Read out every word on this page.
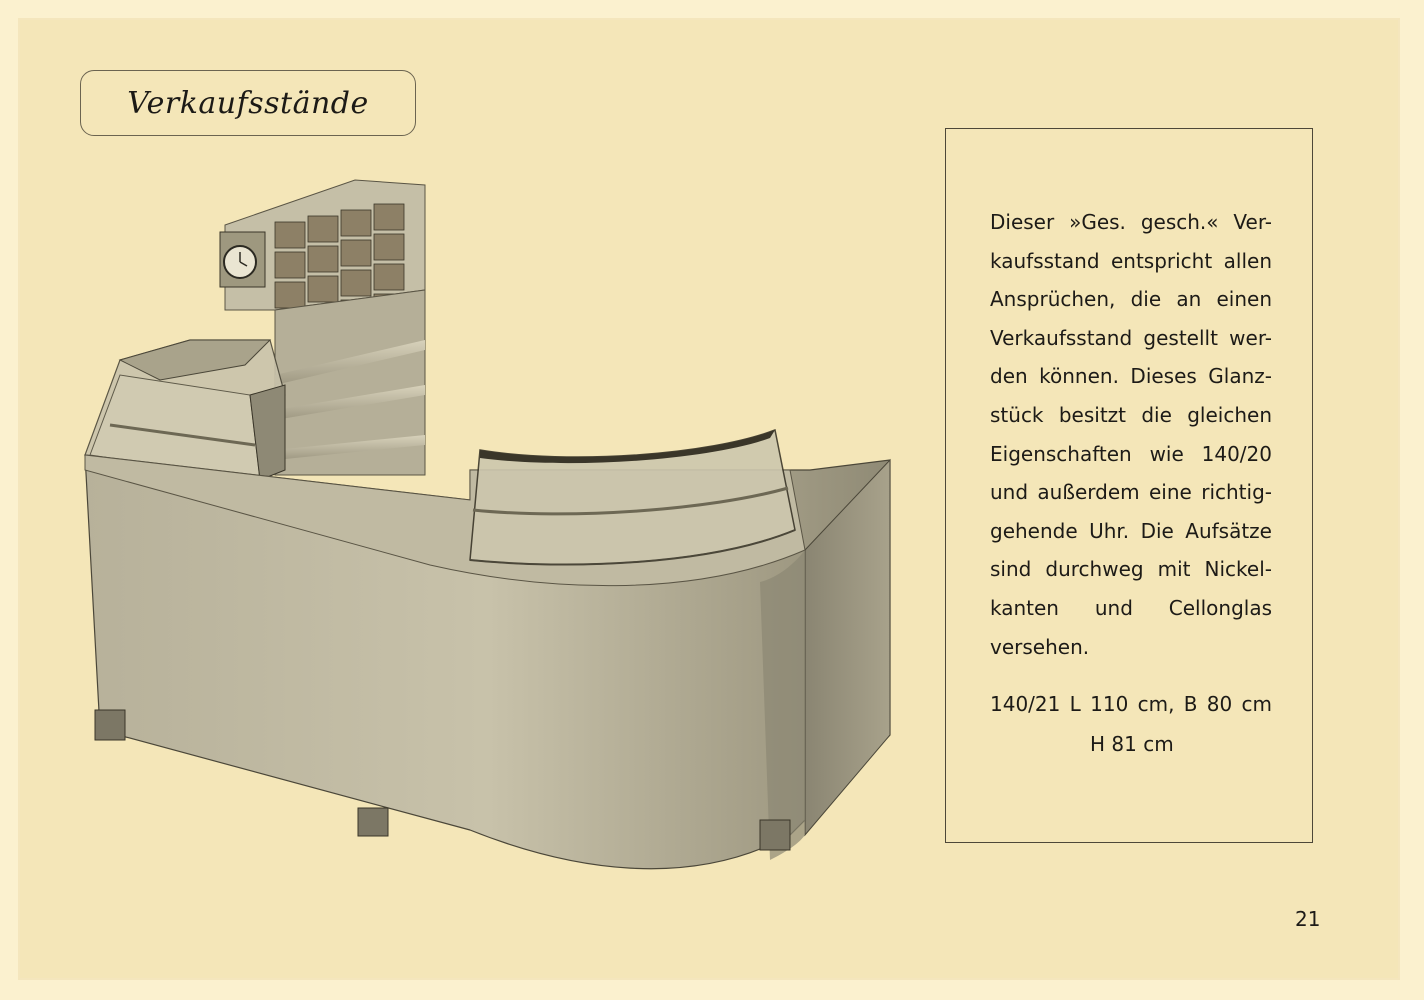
Verkaufsstände
Dieser »Ges. gesch.« Ver-
kaufsstand entspricht allen
Ansprüchen, die an einen
Verkaufsstand gestellt wer-
den können. Dieses Glanz-
stück besitzt die gleichen
Eigenschaften wie 140/20
und außerdem eine richtig-
gehende Uhr. Die Aufsätze
sind durchweg mit Nickel-
kanten und Cellonglas
versehen.
140/21 L 110 cm, B 80 cm
H 81 cm
21
